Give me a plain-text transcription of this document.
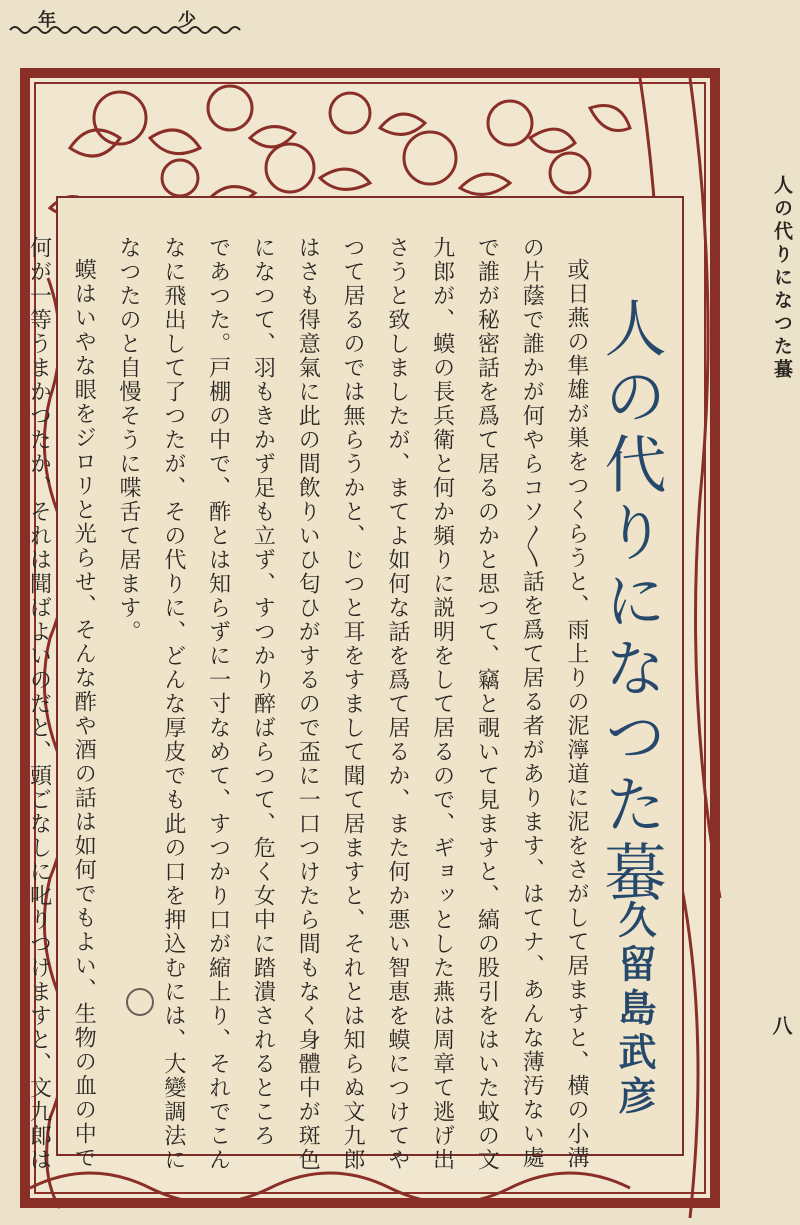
年	少
人の代りになつた蟇
八
人の代りになつた蟇
久留島武彦
或日燕の隼雄が巣をつくらうと、雨上りの泥濘道に泥をさがして居ますと、横の小溝
の片蔭で誰かが何やらコソ〳〵話を爲て居る者があります、はてナ、あんな薄汚ない處
で誰が秘密話を爲て居るのかと思つて、竊と覗いて見ますと、縞の股引をはいた蚊の文
九郎が、蟆の長兵衛と何か頻りに説明をして居るので、ギョッとした燕は周章て逃げ出
さうと致しましたが、まてよ如何な話を爲て居るか、また何か悪い智恵を蟆につけてや
つて居るのでは無らうかと、じつと耳をすまして聞て居ますと、それとは知らぬ文九郎
はさも得意氣に此の間飲りいひ匂ひがするので盃に一口つけたら間もなく身體中が斑色
になつて、羽もきかず足も立ず、すつかり醉ばらつて、危く女中に踏潰されるところ
であつた。戸棚の中で、酢とは知らずに一寸なめて、すつかり口が縮上り、それでこん
なに飛出して了つたが、その代りに、どんな厚皮でも此の口を押込むには、大變調法に
なつたのと自慢そうに喋舌て居ます。
蟆はいやな眼をジロリと光らせ、そんな酢や酒の話は如何でもよい、生物の血の中で
何が一等うまかつたか、それは聞ばよいのだと、頭ごなしに叱りつけますと、文九郎は
